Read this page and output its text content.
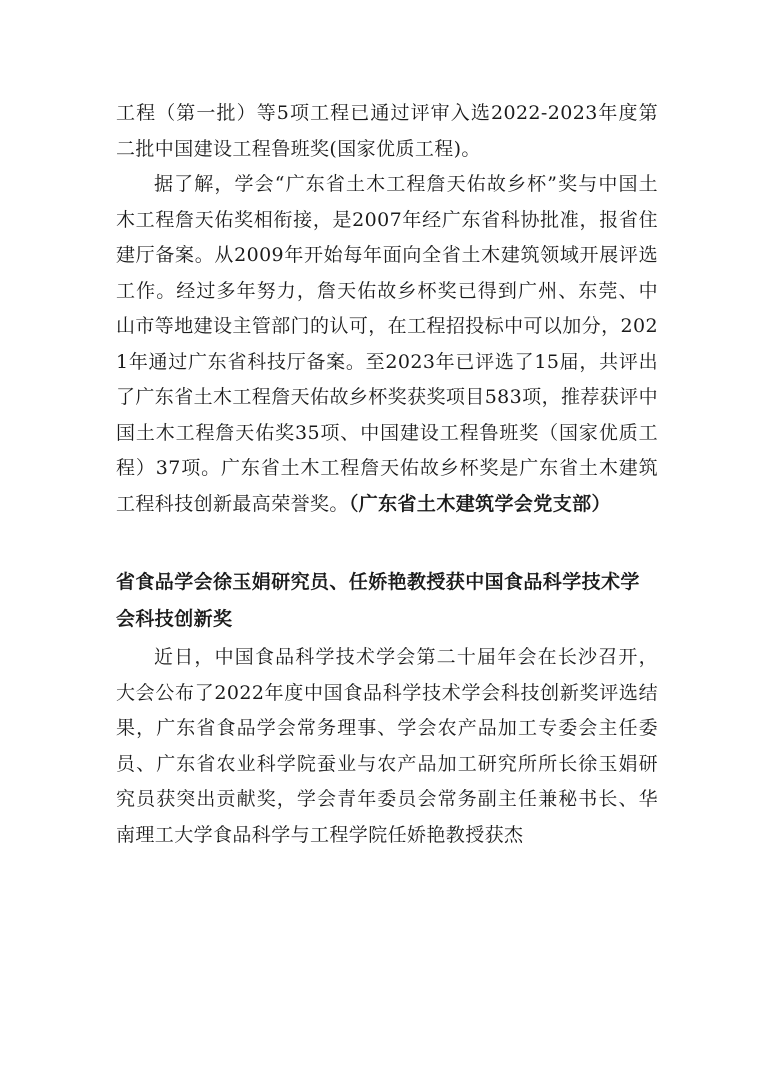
工程（第一批）等5项工程已通过评审入选2022-2023年度第二批中国建设工程鲁班奖(国家优质工程)。

据了解，学会“广东省土木工程詹天佑故乡杯”奖与中国土木工程詹天佑奖相衔接，是2007年经广东省科协批准，报省住建厅备案。从2009年开始每年面向全省土木建筑领域开展评选工作。经过多年努力，詹天佑故乡杯奖已得到广州、东莞、中山市等地建设主管部门的认可，在工程招投标中可以加分，2021年通过广东省科技厅备案。至2023年已评选了15届，共评出了广东省土木工程詹天佑故乡杯奖获奖项目583项，推荐获评中国土木工程詹天佑奖35项、中国建设工程鲁班奖（国家优质工程）37项。广东省土木工程詹天佑故乡杯奖是广东省土木建筑工程科技创新最高荣誉奖。（广东省土木建筑学会党支部）

省食品学会徐玉娟研究员、任娇艳教授获中国食品科学技术学会科技创新奖

近日，中国食品科学技术学会第二十届年会在长沙召开，大会公布了2022年度中国食品科学技术学会科技创新奖评选结果，广东省食品学会常务理事、学会农产品加工专委会主任委员、广东省农业科学院蚕业与农产品加工研究所所长徐玉娟研究员获突出贡献奖，学会青年委员会常务副主任兼秘书长、华南理工大学食品科学与工程学院任娇艳教授获杰
